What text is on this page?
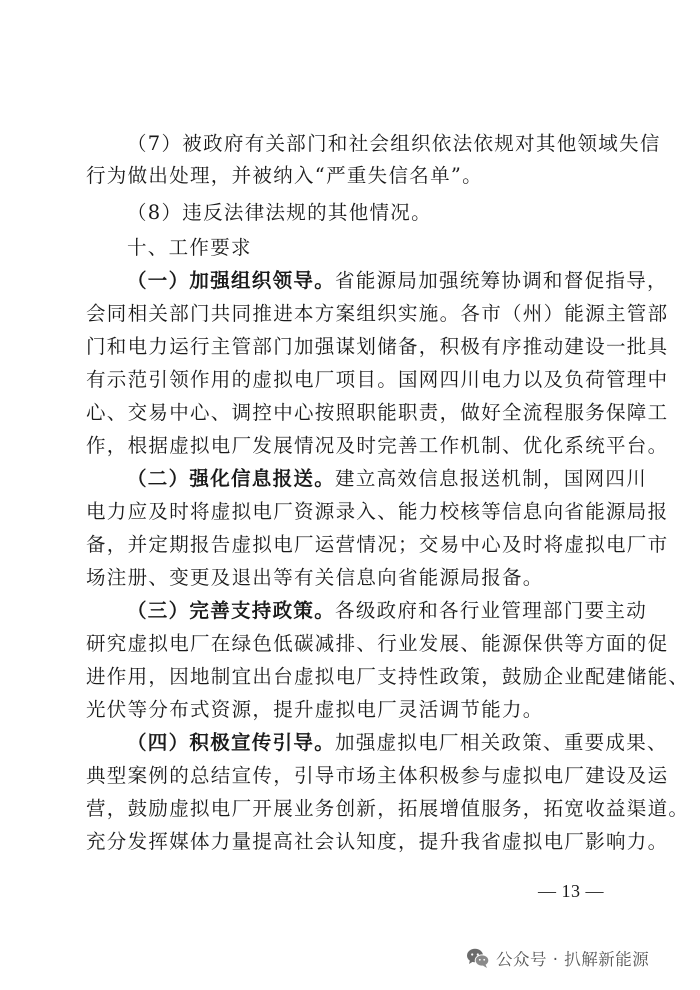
（7）被政府有关部门和社会组织依法依规对其他领域失信
行为做出处理，并被纳入“严重失信名单”。
（8）违反法律法规的其他情况。
十、工作要求
（一）加强组织领导。省能源局加强统筹协调和督促指导，
会同相关部门共同推进本方案组织实施。各市（州）能源主管部
门和电力运行主管部门加强谋划储备，积极有序推动建设一批具
有示范引领作用的虚拟电厂项目。国网四川电力以及负荷管理中
心、交易中心、调控中心按照职能职责，做好全流程服务保障工
作，根据虚拟电厂发展情况及时完善工作机制、优化系统平台。
（二）强化信息报送。建立高效信息报送机制，国网四川
电力应及时将虚拟电厂资源录入、能力校核等信息向省能源局报
备，并定期报告虚拟电厂运营情况；交易中心及时将虚拟电厂市
场注册、变更及退出等有关信息向省能源局报备。
（三）完善支持政策。各级政府和各行业管理部门要主动
研究虚拟电厂在绿色低碳减排、行业发展、能源保供等方面的促
进作用，因地制宜出台虚拟电厂支持性政策，鼓励企业配建储能、
光伏等分布式资源，提升虚拟电厂灵活调节能力。
（四）积极宣传引导。加强虚拟电厂相关政策、重要成果、
典型案例的总结宣传，引导市场主体积极参与虚拟电厂建设及运
营，鼓励虚拟电厂开展业务创新，拓展增值服务，拓宽收益渠道。
充分发挥媒体力量提高社会认知度，提升我省虚拟电厂影响力。
— 13 —
公众号 · 扒解新能源
